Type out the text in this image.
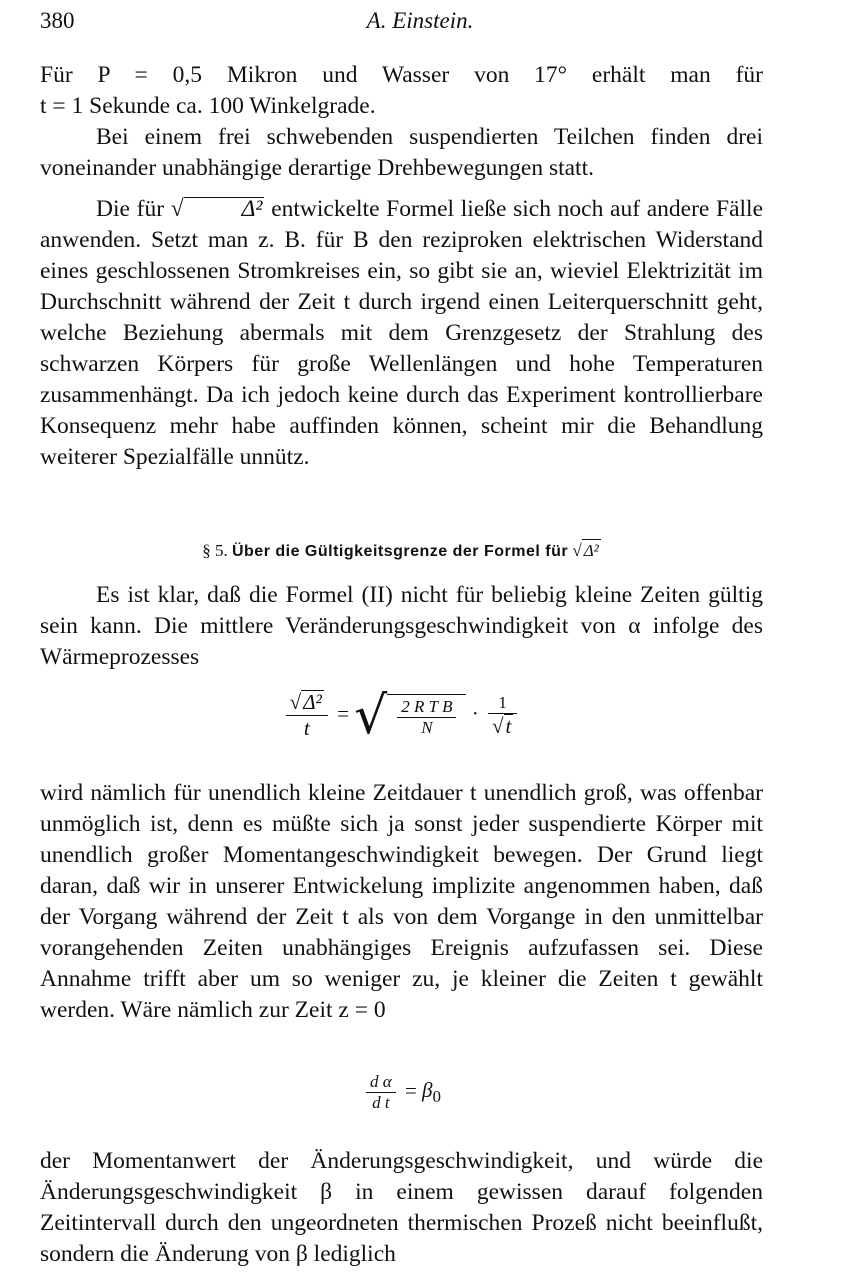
380	A. Einstein.

Für P = 0,5 Mikron und Wasser von 17° erhält man für

t = 1 Sekunde ca. 100 Winkelgrade.

Bei einem frei schwebenden suspendierten Teilchen finden drei voneinander unabhängige derartige Drehbewegungen statt.

Die für √ Δ² entwickelte Formel ließe sich noch auf andere Fälle anwenden. Setzt man z. B. für B den reziproken elektrischen Widerstand eines geschlossenen Stromkreises ein, so gibt sie an, wieviel Elektrizität im Durchschnitt während der Zeit t durch irgend einen Leiterquerschnitt geht, welche Beziehung abermals mit dem Grenzgesetz der Strahlung des schwarzen Körpers für große Wellenlängen und hohe Temperaturen zusammenhängt. Da ich jedoch keine durch das Experiment kontrollierbare Konsequenz mehr habe auffinden können, scheint mir die Behandlung weiterer Spezialfälle unnütz.

§ 5. Über die Gültigkeitsgrenze der Formel für √ Δ²

Es ist klar, daß die Formel (II) nicht für beliebig kleine Zeiten gültig sein kann. Die mittlere Veränderungsgeschwindigkeit von α infolge des Wärmeprozesses

$\frac{\text{√Δ²}}{t}$ = √ $\frac{\text{2 R T B}}{N} \cdot \frac{1}{√t}$

wird nämlich für unendlich kleine Zeitdauer t unendlich groß, was offenbar unmöglich ist, denn es müßte sich ja sonst jeder suspendierte Körper mit unendlich großer Momentangeschwindigkeit bewegen. Der Grund liegt daran, daß wir in unserer Entwickelung implizite angenommen haben, daß der Vorgang während der Zeit t als von dem Vorgange in den unmittelbar vorangehenden Zeiten unabhängiges Ereignis aufzufassen sei. Diese Annahme trifft aber um so weniger zu, je kleiner die Zeiten t gewählt werden. Wäre nämlich zur Zeit z = 0

$\frac{\text{d α}}{\text{d t}} = \beta_0$

der Momentanwert der Änderungsgeschwindigkeit, und würde die Änderungsgeschwindigkeit β in einem gewissen darauf folgenden Zeitintervall durch den ungeordneten thermischen Prozeß nicht beeinflußt, sondern die Änderung von β lediglich
